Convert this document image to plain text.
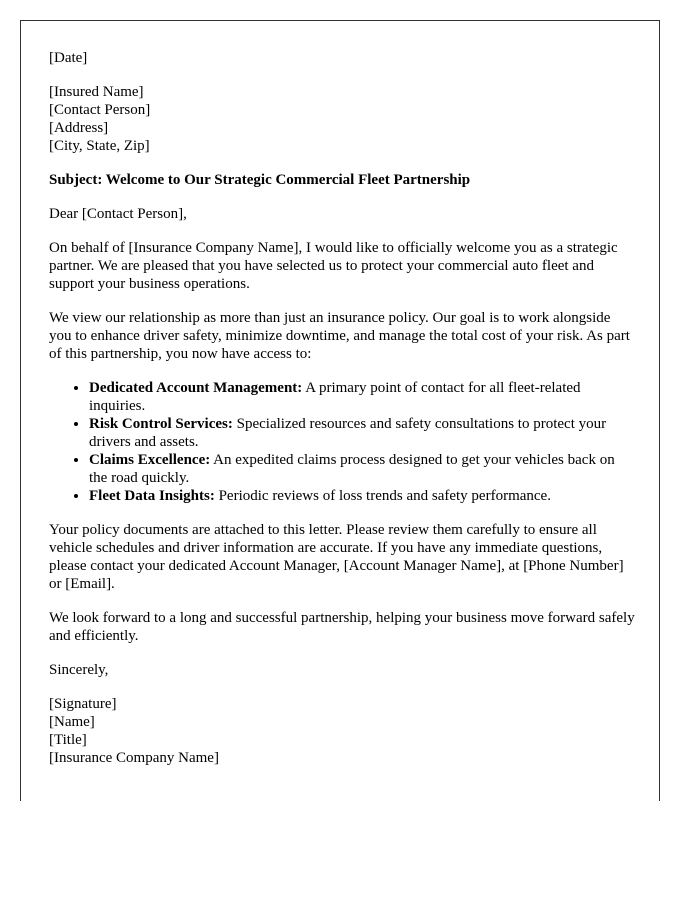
[Date]
[Insured Name]
[Contact Person]
[Address]
[City, State, Zip]
Subject: Welcome to Our Strategic Commercial Fleet Partnership
Dear [Contact Person],

On behalf of [Insurance Company Name], I would like to officially welcome you as a strategic partner. We are pleased that you have selected us to protect your commercial auto fleet and support your business operations.

We view our relationship as more than just an insurance policy. Our goal is to work alongside you to enhance driver safety, minimize downtime, and manage the total cost of your risk. As part of this partnership, you now have access to:

• Dedicated Account Management: A primary point of contact for all fleet-related inquiries.
• Risk Control Services: Specialized resources and safety consultations to protect your drivers and assets.
• Claims Excellence: An expedited claims process designed to get your vehicles back on the road quickly.
• Fleet Data Insights: Periodic reviews of loss trends and safety performance.

Your policy documents are attached to this letter. Please review them carefully to ensure all vehicle schedules and driver information are accurate. If you have any immediate questions, please contact your dedicated Account Manager, [Account Manager Name], at [Phone Number] or [Email].

We look forward to a long and successful partnership, helping your business move forward safely and efficiently.

Sincerely,
[Signature]
[Name]
[Title]
[Insurance Company Name]
